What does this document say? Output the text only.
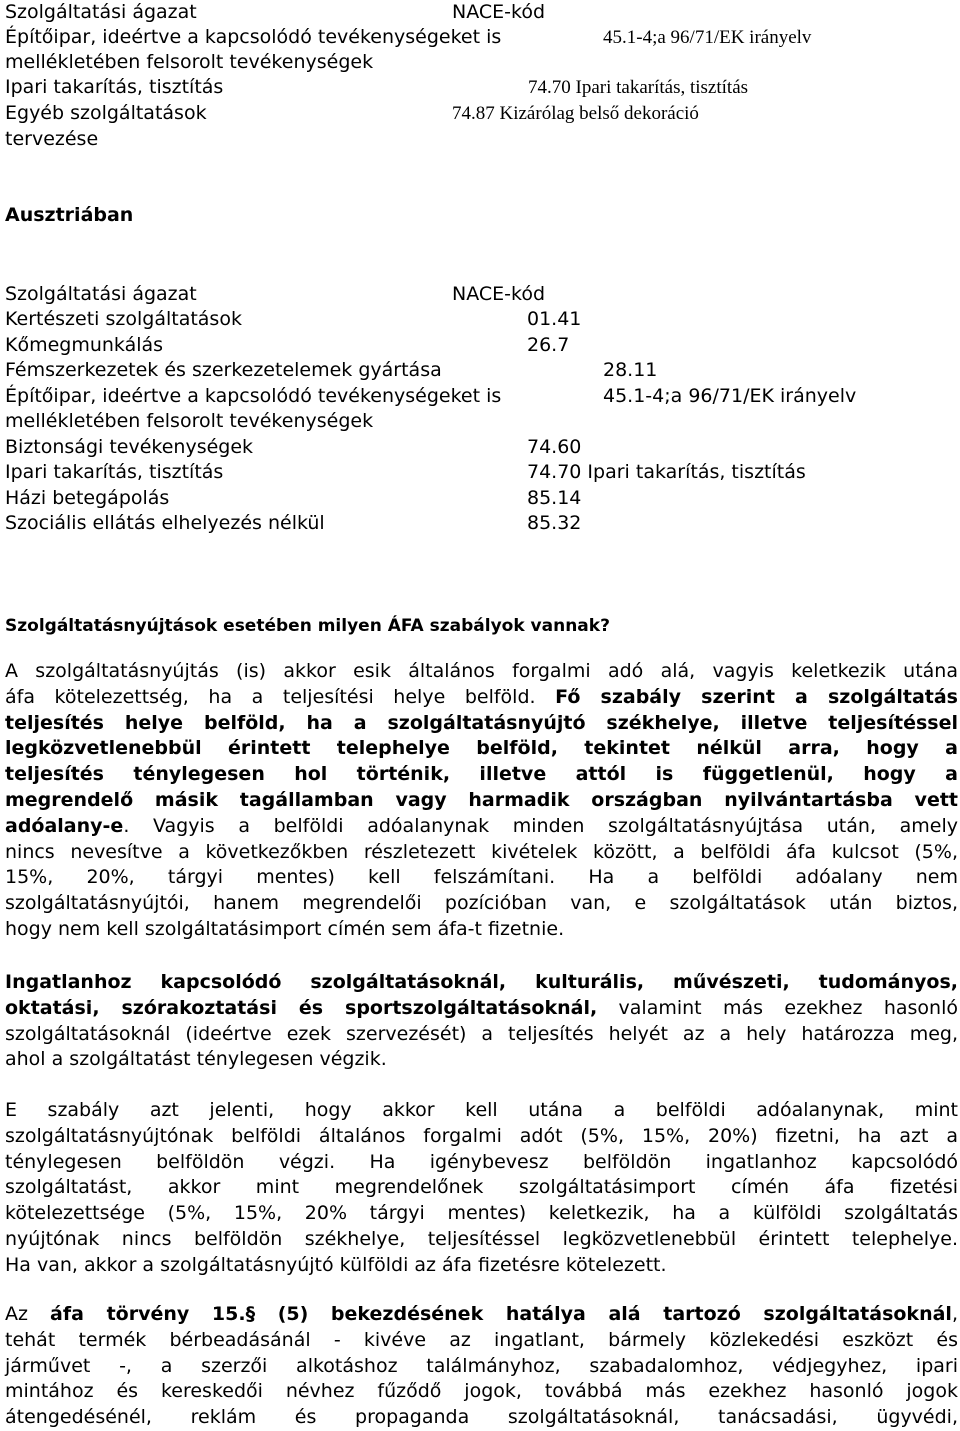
Szolgáltatási ágazat	NACE-kód
Építőipar, ideértve a kapcsolódó tevékenységeket is	45.1-4;a 96/71/EK irányelv
mellékletében felsorolt tevékenységek
Ipari takarítás, tisztítás	74.70 Ipari takarítás, tisztítás
Egyéb szolgáltatások	74.87 Kizárólag belső dekoráció
tervezése
Ausztriában
Szolgáltatási ágazat	NACE-kód
Kertészeti szolgáltatások	01.41
Kőmegmunkálás	26.7
Fémszerkezetek és szerkezetelemek gyártása	28.11
Építőipar, ideértve a kapcsolódó tevékenységeket is	45.1-4;a 96/71/EK irányelv
mellékletében felsorolt tevékenységek
Biztonsági tevékenységek	74.60
Ipari takarítás, tisztítás	74.70 Ipari takarítás, tisztítás
Házi betegápolás	85.14
Szociális ellátás elhelyezés nélkül	85.32
Szolgáltatásnyújtások esetében milyen ÁFA szabályok vannak?
A szolgáltatásnyújtás (is) akkor esik általános forgalmi adó alá, vagyis keletkezik utána
áfa kötelezettség, ha a teljesítési helye belföld. Fő szabály szerint a szolgáltatás
teljesítés helye belföld, ha a szolgáltatásnyújtó székhelye, illetve teljesítéssel
legközvetlenebbül érintett telephelye belföld, tekintet nélkül arra, hogy a
teljesítés ténylegesen hol történik, illetve attól is függetlenül, hogy a
megrendelő másik tagállamban vagy harmadik országban nyilvántartásba vett
adóalany-e. Vagyis a belföldi adóalanynak minden szolgáltatásnyújtása után, amely
nincs nevesítve a következőkben részletezett kivételek között, a belföldi áfa kulcsot (5%,
15%, 20%, tárgyi mentes) kell felszámítani. Ha a belföldi adóalany nem
szolgáltatásnyújtói, hanem megrendelői pozícióban van, e szolgáltatások után biztos,
hogy nem kell szolgáltatásimport címén sem áfa-t fizetnie.
Ingatlanhoz kapcsolódó szolgáltatásoknál, kulturális, művészeti, tudományos,
oktatási, szórakoztatási és sportszolgáltatásoknál, valamint más ezekhez hasonló
szolgáltatásoknál (ideértve ezek szervezését) a teljesítés helyét az a hely határozza meg,
ahol a szolgáltatást ténylegesen végzik.
E szabály azt jelenti, hogy akkor kell utána a belföldi adóalanynak, mint
szolgáltatásnyújtónak belföldi általános forgalmi adót (5%, 15%, 20%) fizetni, ha azt a
ténylegesen belföldön végzi. Ha igénybevesz belföldön ingatlanhoz kapcsolódó
szolgáltatást, akkor mint megrendelőnek szolgáltatásimport címén áfa fizetési
kötelezettsége (5%, 15%, 20% tárgyi mentes) keletkezik, ha a külföldi szolgáltatás
nyújtónak nincs belföldön székhelye, teljesítéssel legközvetlenebbül érintett telephelye.
Ha van, akkor a szolgáltatásnyújtó külföldi az áfa fizetésre kötelezett.
Az áfa törvény 15.§ (5) bekezdésének hatálya alá tartozó szolgáltatásoknál,
tehát termék bérbeadásánál - kivéve az ingatlant, bármely közlekedési eszközt és
járművet -, a szerzői alkotáshoz találmányhoz, szabadalomhoz, védjegyhez, ipari
mintához és kereskedői névhez fűződő jogok, továbbá más ezekhez hasonló jogok
átengedésénél, reklám és propaganda szolgáltatásoknál, tanácsadási, ügyvédi,
